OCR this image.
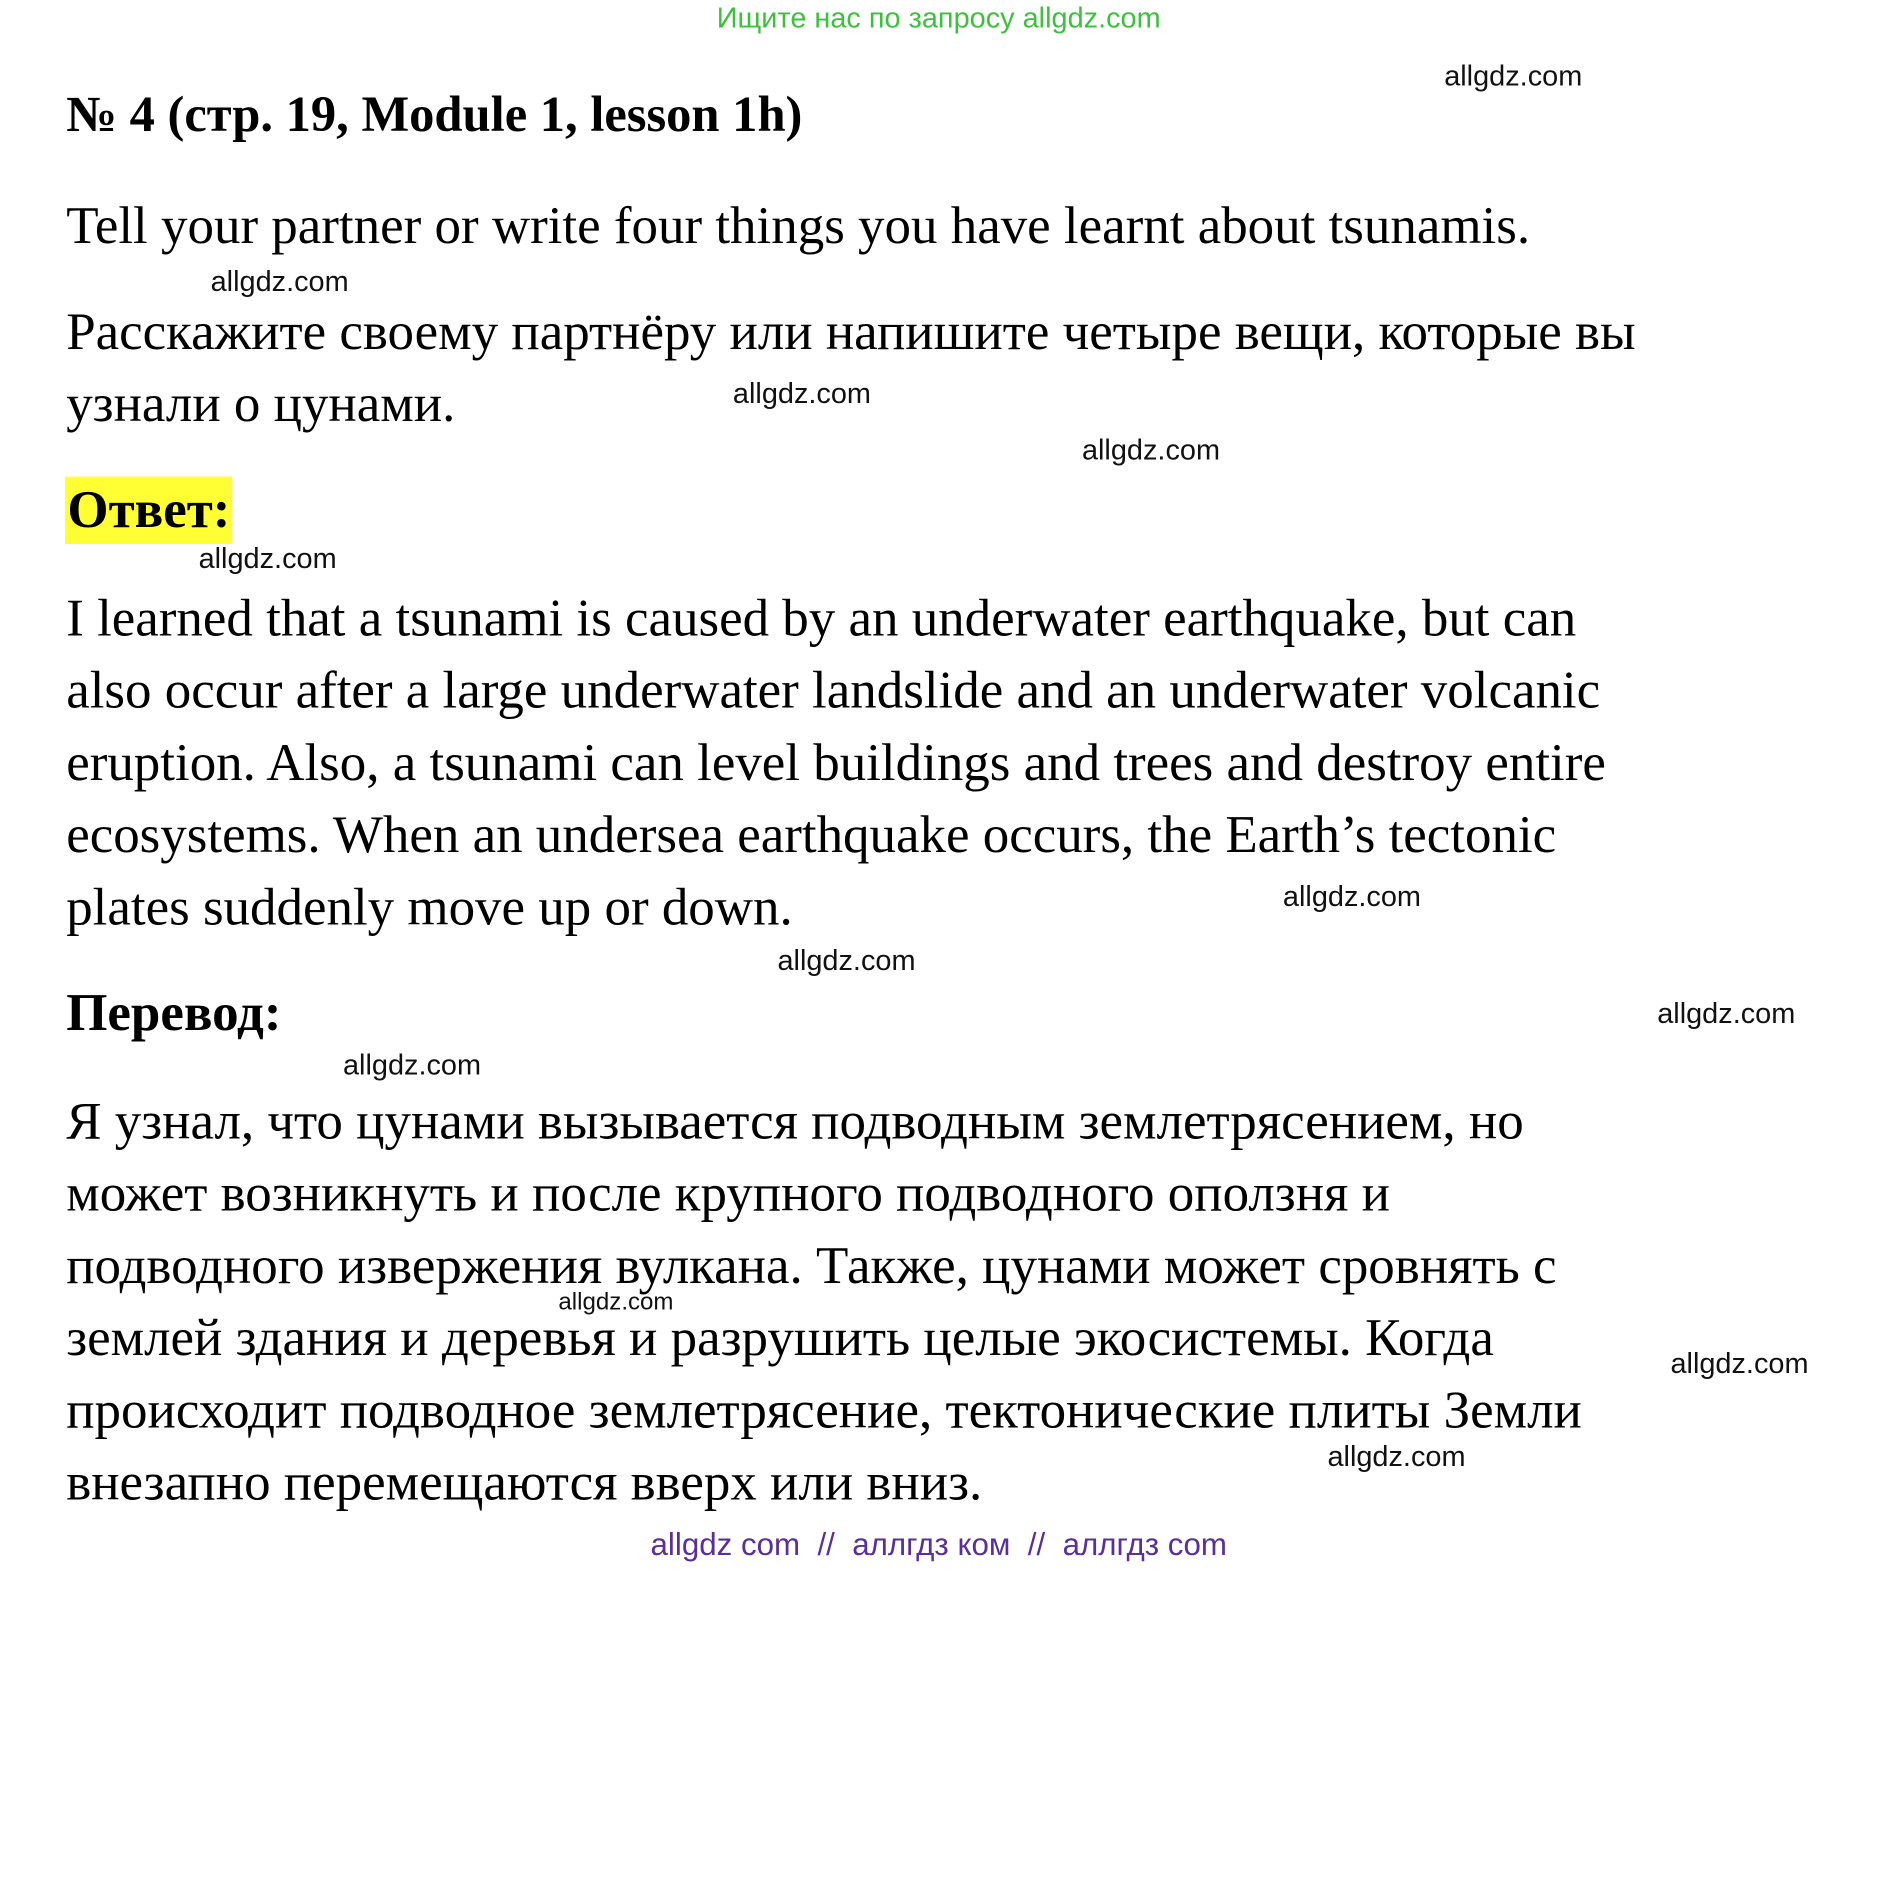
Ищите нас по запросу allgdz.com
№ 4 (стр. 19, Module 1, lesson 1h)
Tell your partner or write four things you have learnt about tsunamis.
Расскажите своему партнёру или напишите четыре вещи, которые вы
узнали о цунами.
Ответ:
I learned that a tsunami is caused by an underwater earthquake, but can
also occur after a large underwater landslide and an underwater volcanic
eruption. Also, a tsunami can level buildings and trees and destroy entire
ecosystems. When an undersea earthquake occurs, the Earth’s tectonic
plates suddenly move up or down.
Перевод:
Я узнал, что цунами вызывается подводным землетрясением, но
может возникнуть и после крупного подводного оползня и
подводного извержения вулкана. Также, цунами может сровнять с
землей здания и деревья и разрушить целые экосистемы. Когда
происходит подводное землетрясение, тектонические плиты Земли
внезапно перемещаются вверх или вниз.
allgdz.com
allgdz.com
allgdz.com
allgdz.com
allgdz.com
allgdz.com
allgdz.com
allgdz.com
allgdz.com
allgdz.com
allgdz.com
allgdz.com
allgdz com  //  аллгдз ком  //  аллгдз com
